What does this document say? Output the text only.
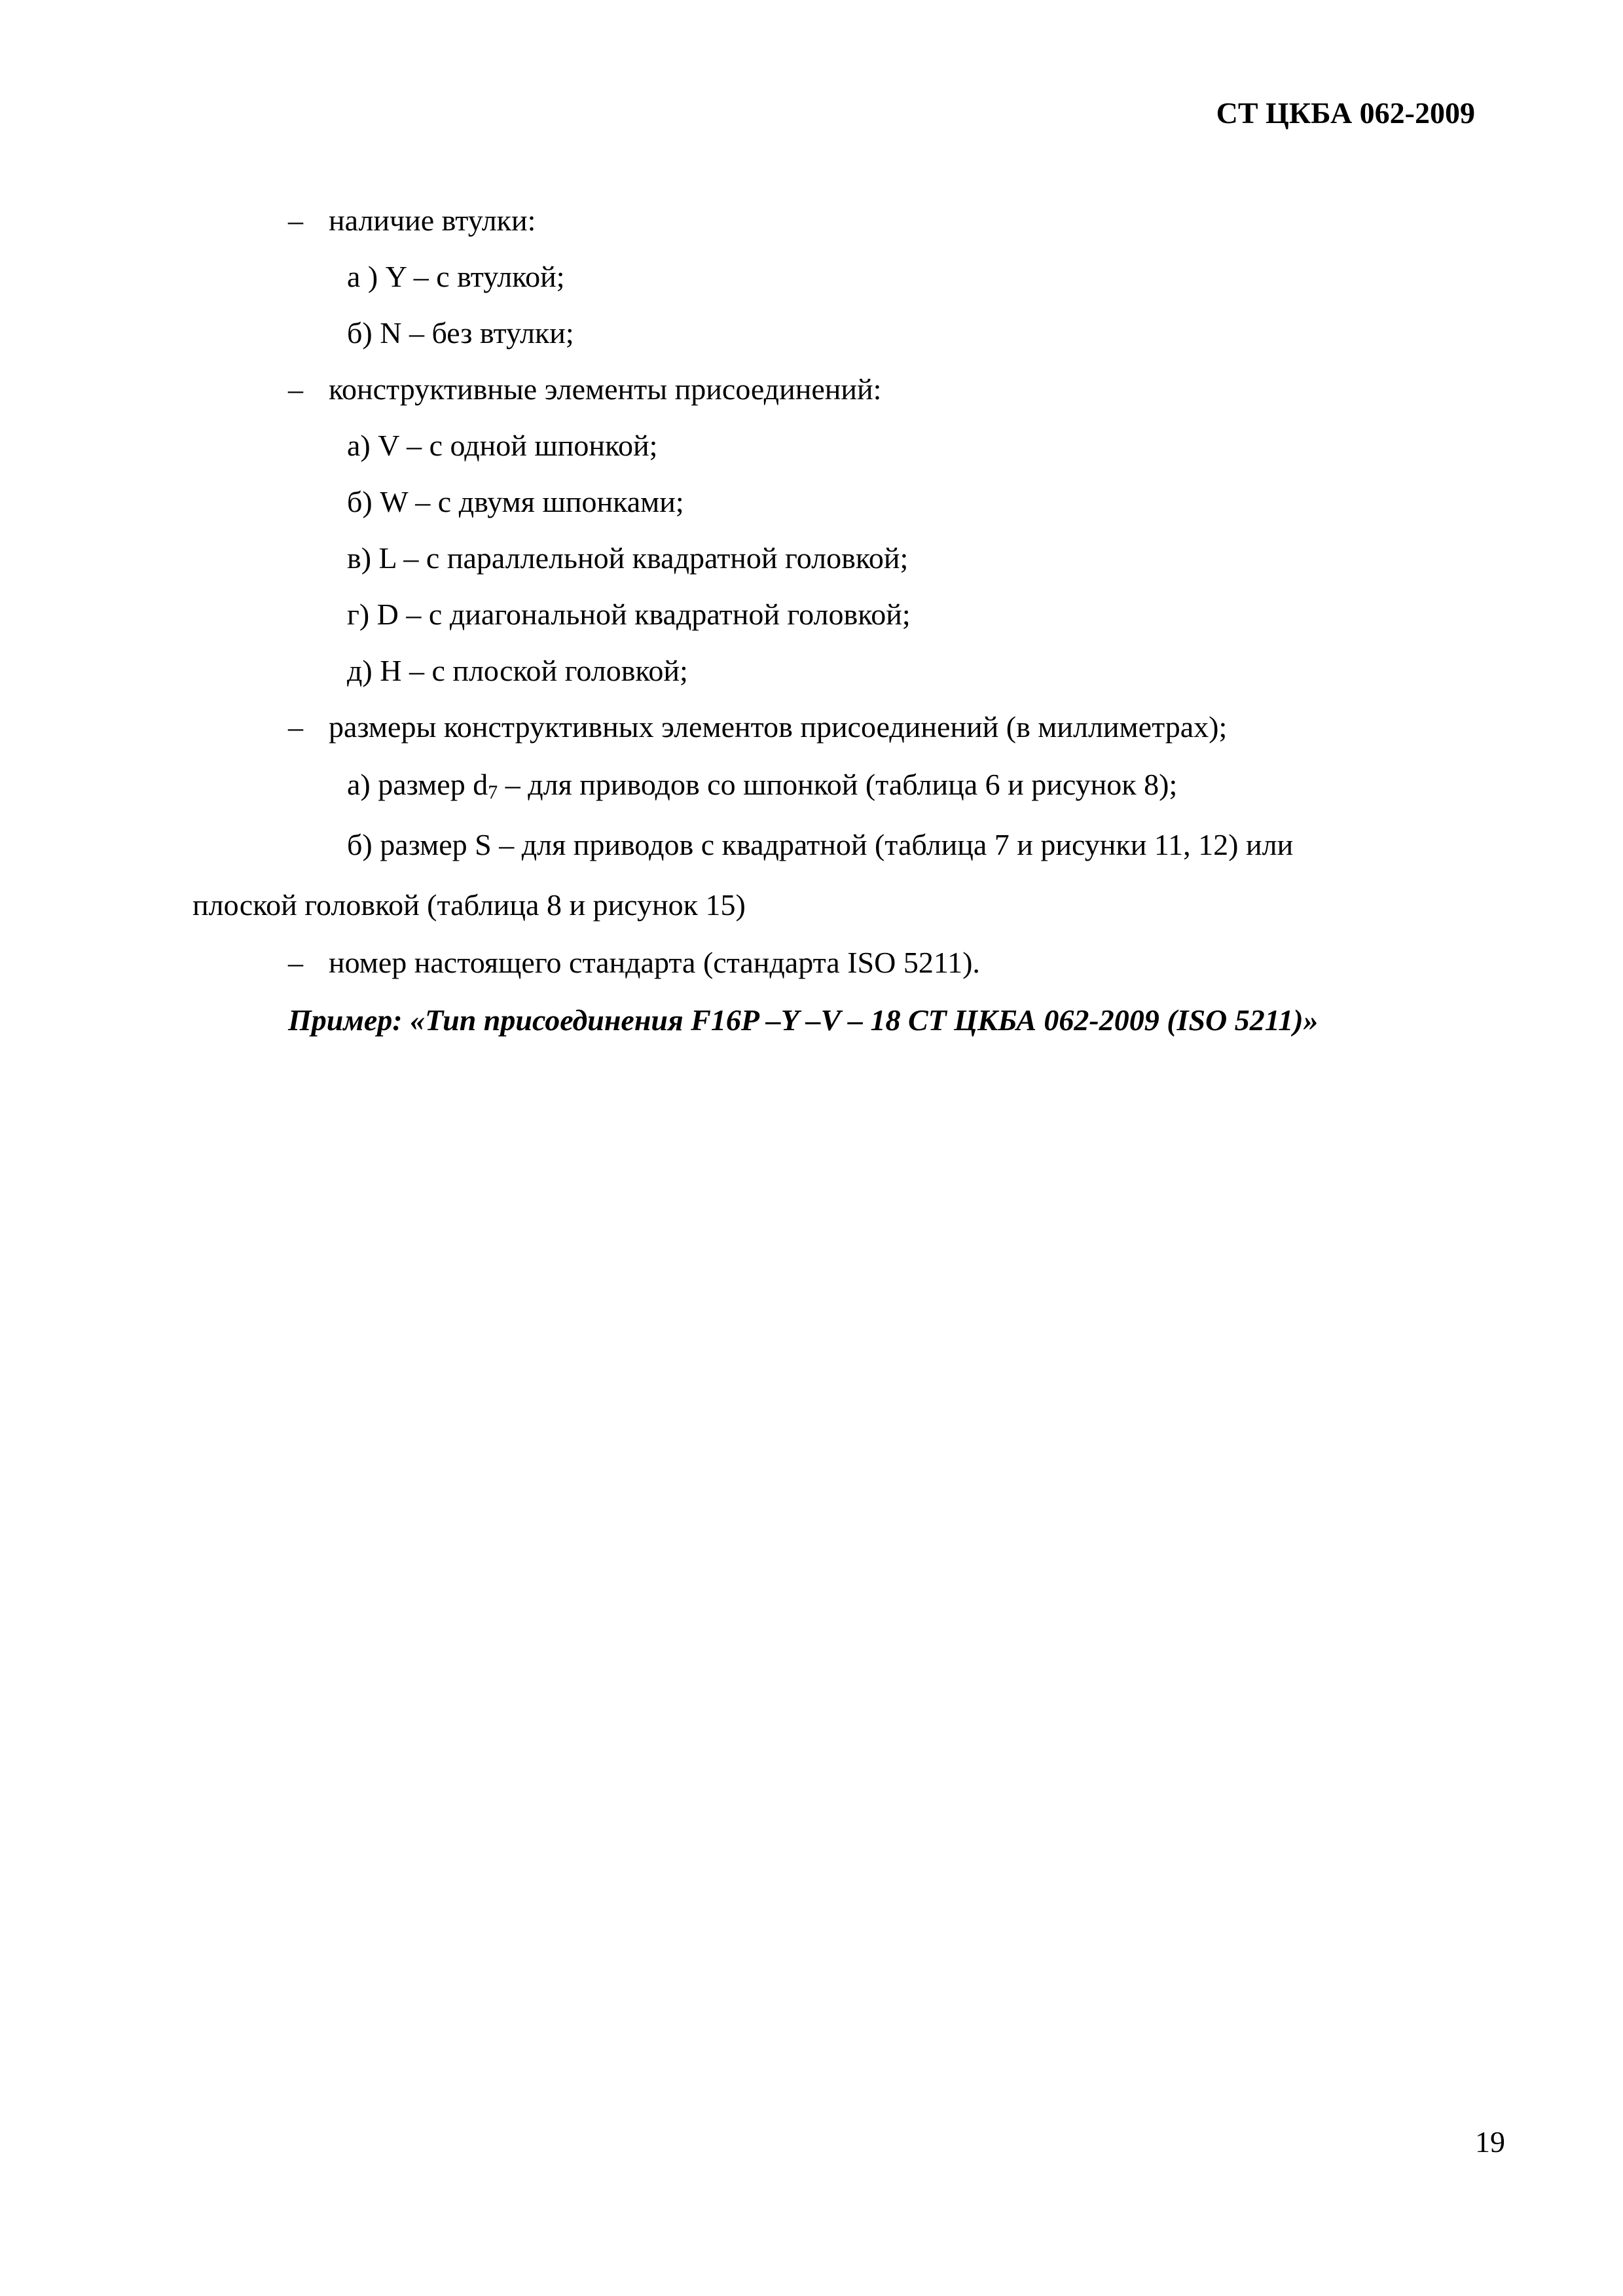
СТ ЦКБА 062-2009
– наличие втулки:
а ) Y – с втулкой;
б) N – без втулки;
– конструктивные элементы присоединений:
а) V – с одной шпонкой;
б) W – с двумя шпонками;
в) L – с параллельной квадратной головкой;
г) D – с диагональной квадратной головкой;
д) H – с плоской головкой;
– размеры конструктивных элементов присоединений (в миллиметрах);
а) размер $d_7$ – для приводов со шпонкой (таблица 6 и рисунок 8);
б) размер S – для приводов с квадратной (таблица 7 и рисунки 11, 12) или
плоской головкой (таблица 8 и рисунок 15)
– номер настоящего стандарта (стандарта ISO 5211).
Пример: «Тип присоединения F16P –Y –V – 18 СТ ЦКБА 062-2009 (ISO 5211)»
19
